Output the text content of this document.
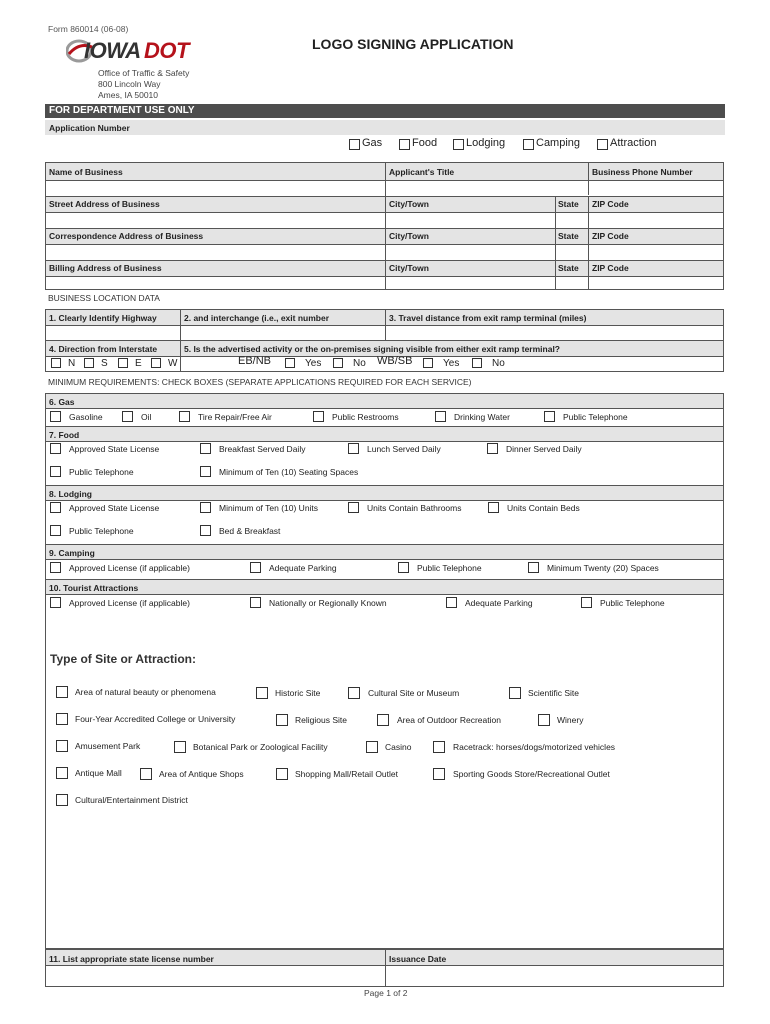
Form 860014 (06-08)
IOWA DOT
Office of Traffic & Safety
800 Lincoln Way
Ames, IA 50010
LOGO SIGNING APPLICATION
FOR DEPARTMENT USE ONLY
Application Number
Gas	Food	Lodging	Camping	Attraction
Name of Business	Applicant's Title	Business Phone Number
Street Address of Business	City/Town	State ZIP Code
Correspondence Address of Business	City/Town	State ZIP Code
Billing Address of Business	City/Town	State ZIP Code
BUSINESS LOCATION DATA
1. Clearly Identify Highway	2. and interchange (i.e., exit number	3. Travel distance from exit ramp terminal (miles)
4. Direction from Interstate	5. Is the advertised activity or the on-premises signing visible from either exit ramp terminal?
N	S	E	W	EB/NB	Yes	No WB/SB	Yes	No
MINIMUM REQUIREMENTS: CHECK BOXES (SEPARATE APPLICATIONS REQUIRED FOR EACH SERVICE)
6. Gas
Gasoline	Oil	Tire Repair/Free Air	Public Restrooms	Drinking Water	Public Telephone
7. Food
Approved State License	Breakfast Served Daily	Lunch Served Daily	Dinner Served Daily
Public Telephone	Minimum of Ten (10) Seating Spaces
8. Lodging
Approved State License	Minimum of Ten (10) Units	Units Contain Bathrooms	Units Contain Beds
Public Telephone	Bed & Breakfast
9. Camping
Approved License (if applicable)	Adequate Parking	Public Telephone	Minimum Twenty (20) Spaces
10. Tourist Attractions
Approved License (if applicable)	Nationally or Regionally Known	Adequate Parking	Public Telephone
Type of Site or Attraction:
Area of natural beauty or phenomena	Historic Site	Cultural Site or Museum	Scientific Site
Four-Year Accredited College or University	Religious Site	Area of Outdoor Recreation	Winery
Amusement Park	Botanical Park or Zoological Facility	Casino	Racetrack: horses/dogs/motorized vehicles
Antique Mall	Area of Antique Shops	Shopping Mall/Retail Outlet	Sporting Goods Store/Recreational Outlet
Cultural/Entertainment District
11. List appropriate state license number	Issuance Date
Page 1 of 2
